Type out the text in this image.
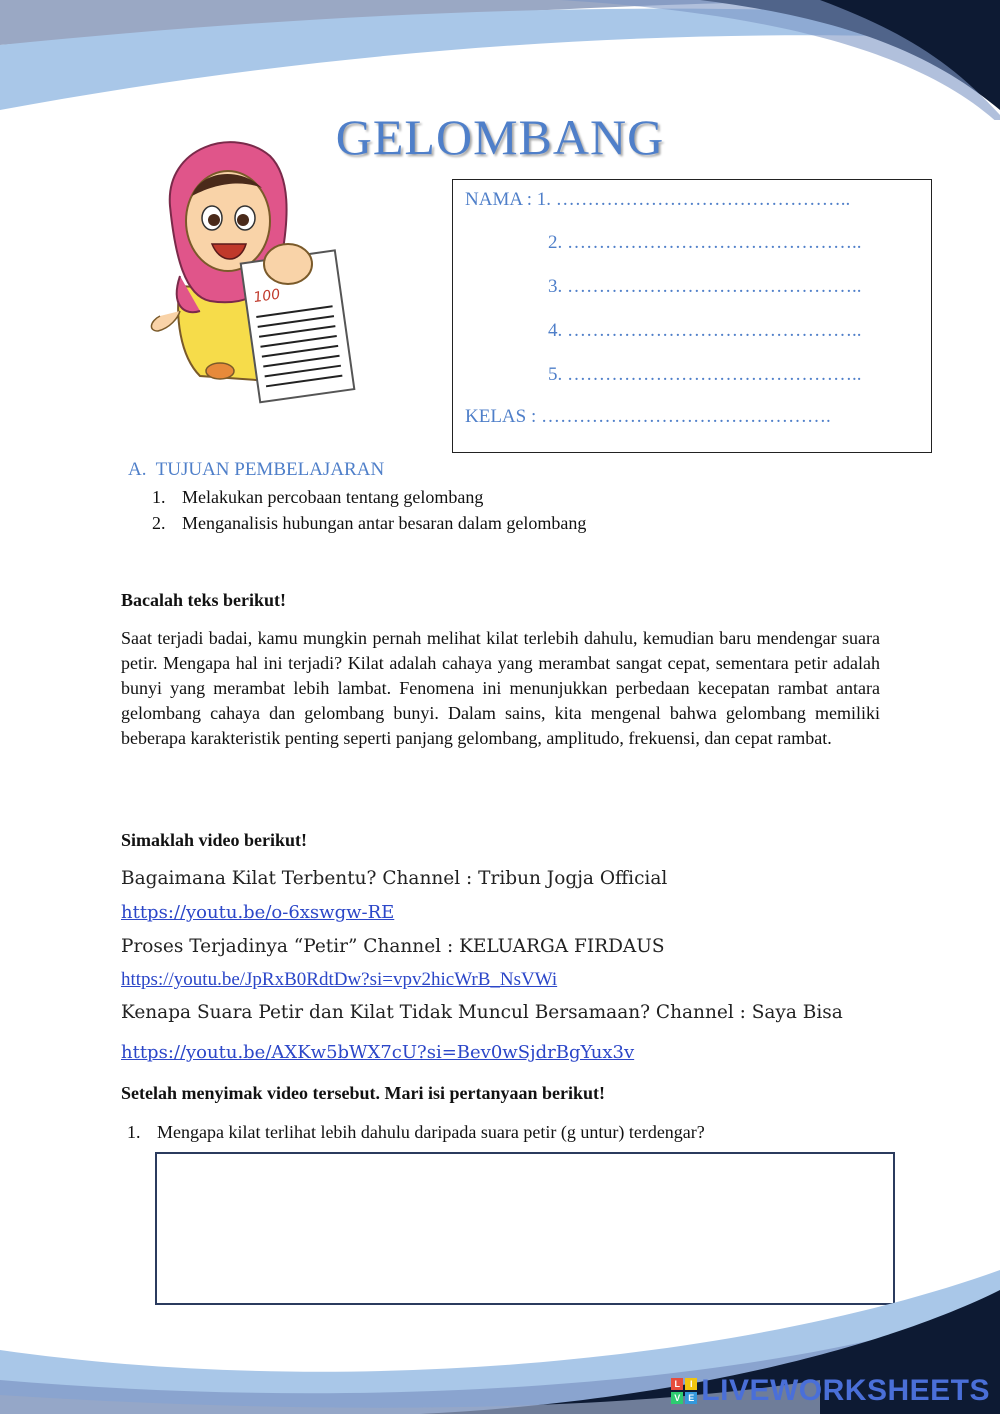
GELOMBANG
100
NAMA : 1. ………………………………………..
2. ………………………………………..
3. ………………………………………..
4. ………………………………………..
5. ………………………………………..
KELAS : ……………………………………….
A.  TUJUAN PEMBELAJARAN
1. Melakukan percobaan tentang gelombang
2. Menganalisis hubungan antar besaran dalam gelombang
Bacalah teks berikut!
Saat terjadi badai, kamu mungkin pernah melihat kilat terlebih dahulu, kemudian baru mendengar suara petir. Mengapa hal ini terjadi? Kilat adalah cahaya yang merambat sangat cepat, sementara petir adalah bunyi yang merambat lebih lambat. Fenomena ini menunjukkan perbedaan kecepatan rambat antara gelombang cahaya dan gelombang bunyi. Dalam sains, kita mengenal bahwa gelombang memiliki beberapa karakteristik penting seperti panjang gelombang, amplitudo, frekuensi, dan cepat rambat.
Simaklah video berikut!
Bagaimana Kilat Terbentu? Channel : Tribun Jogja Official
https://youtu.be/o-6xswgw-RE
Proses Terjadinya “Petir” Channel : KELUARGA FIRDAUS
https://youtu.be/JpRxB0RdtDw?si=vpv2hicWrB_NsVWi
Kenapa Suara Petir dan Kilat Tidak Muncul Bersamaan? Channel : Saya Bisa
https://youtu.be/AXKw5bWX7cU?si=Bev0wSjdrBgYux3v
Setelah menyimak video tersebut. Mari isi pertanyaan berikut!
1. Mengapa kilat terlihat lebih dahulu daripada suara petir (g untur) terdengar?
L	I
V E LIVEWORKSHEETS
